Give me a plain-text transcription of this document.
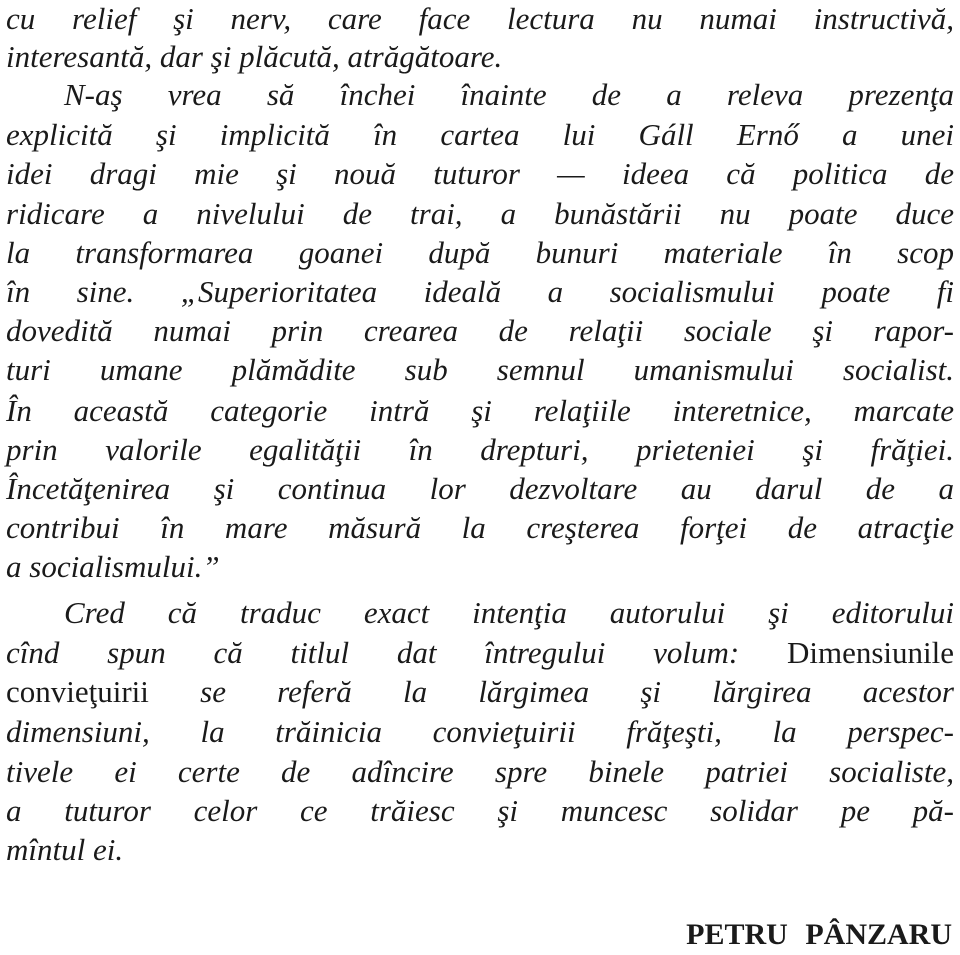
cu relief şi nerv, care face lectura nu numai instructivă,
interesantă, dar şi plăcută, atrăgătoare.
N-aş vrea să închei înainte de a releva prezenţa
explicită şi implicită în cartea lui Gáll Ernő a unei
idei dragi mie şi nouă tuturor — ideea că politica de
ridicare a nivelului de trai, a bunăstării nu poate duce
la transformarea goanei după bunuri materiale în scop
în sine. „Superioritatea ideală a socialismului poate fi
dovedită numai prin crearea de relaţii sociale şi rapor-
turi umane plămădite sub semnul umanismului socialist.
În această categorie intră şi relaţiile interetnice, marcate
prin valorile egalităţii în drepturi, prieteniei şi frăţiei.
Încetăţenirea şi continua lor dezvoltare au darul de a
contribui în mare măsură la creşterea forţei de atracţie
a socialismului.”
Cred că traduc exact intenţia autorului şi editorului
cînd spun că titlul dat întregului volum: Dimensiunile
convieţuirii se referă la lărgimea şi lărgirea acestor
dimensiuni, la trăinicia convieţuirii frăţeşti, la perspec-
tivele ei certe de adîncire spre binele patriei socialiste,
a tuturor celor ce trăiesc şi muncesc solidar pe pă-
mîntul ei.
PETRU PÂNZARU
